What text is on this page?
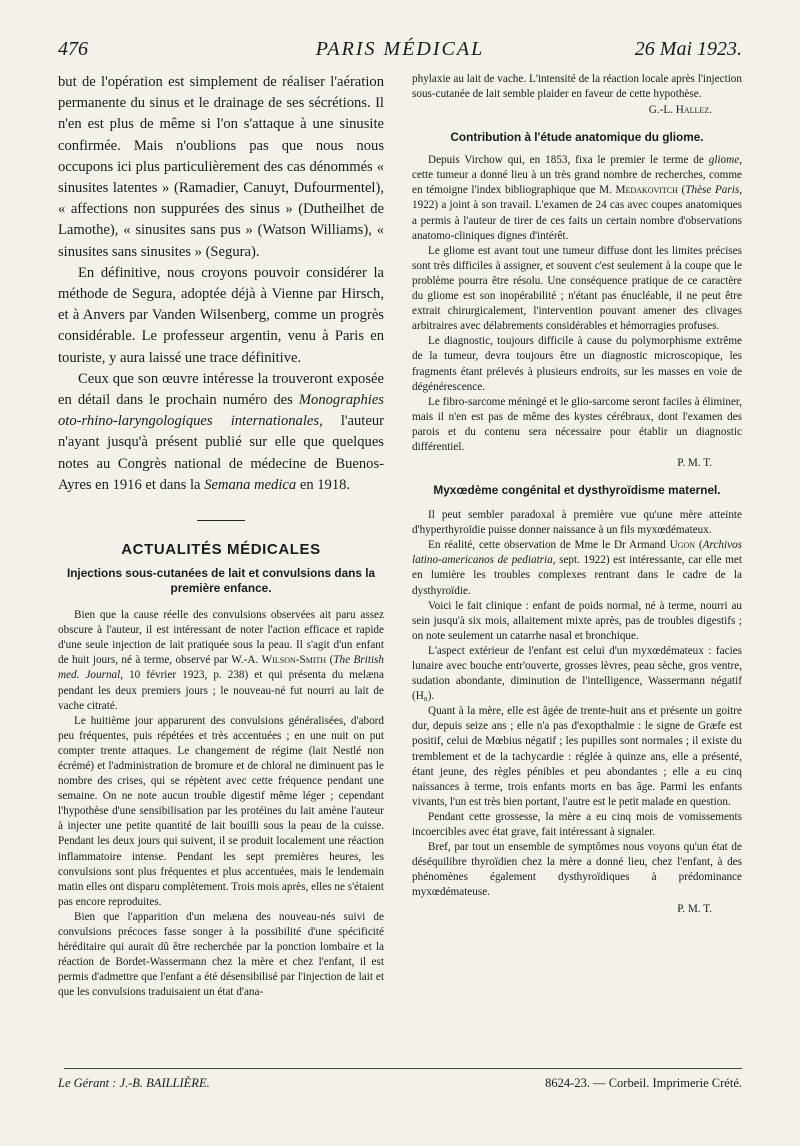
476	PARIS MÉDICAL	26 Mai 1923.

but de l'opération est simplement de réaliser l'aération permanente du sinus et le drainage de ses sécrétions. Il n'en est plus de même si l'on s'attaque à une sinusite confirmée. Mais n'oublions pas que nous nous occupons ici plus particulièrement des cas dénommés « sinusites latentes » (Ramadier, Canuyt, Dufourmentel), « affections non suppurées des sinus » (Dutheilhet de Lamothe), « sinusites sans pus » (Watson Williams), « sinusites sans sinusites » (Segura).

En définitive, nous croyons pouvoir considérer la méthode de Segura, adoptée déjà à Vienne par Hirsch, et à Anvers par Vanden Wilsenberg, comme un progrès considérable. Le professeur argentin, venu à Paris en touriste, y aura laissé une trace définitive.

Ceux que son œuvre intéresse la trouveront exposée en détail dans le prochain numéro des Monographies oto-rhino-laryngologiques internationales, l'auteur n'ayant jusqu'à présent publié sur elle que quelques notes au Congrès national de médecine de Buenos-Ayres en 1916 et dans la Semana medica en 1918.

ACTUALITÉS MÉDICALES
Injections sous-cutanées de lait et convulsions dans la première enfance.

Bien que la cause réelle des convulsions observées ait paru assez obscure à l'auteur, il est intéressant de noter l'action efficace et rapide d'une seule injection de lait pratiquée sous la peau. Il s'agit d'un enfant de huit jours, né à terme, observé par W.-A. Wilson-Smith (The British med. Journal, 10 février 1923, p. 238) et qui présenta du melæna pendant les deux premiers jours ; le nouveau-né fut nourri au lait de vache citraté.

Le huitième jour apparurent des convulsions généralisées, d'abord peu fréquentes, puis répétées et très accentuées ; en une nuit on put compter trente attaques. Le changement de régime (lait Nestlé non écrémé) et l'administration de bromure et de chloral ne diminuent pas le nombre des crises, qui se répètent avec cette fréquence pendant une semaine. On ne note aucun trouble digestif même léger ; cependant l'hypothèse d'une sensibilisation par les protéines du lait amène l'auteur à injecter une petite quantité de lait bouilli sous la peau de la cuisse. Pendant les deux jours qui suivent, il se produit localement une réaction inflammatoire intense. Pendant les sept premières heures, les convulsions sont plus fréquentes et plus accentuées, mais le lendemain matin elles ont disparu complètement. Trois mois après, elles ne s'étaient pas encore reproduites.

Bien que l'apparition d'un melæna des nouveau-nés suivi de convulsions précoces fasse songer à la possibilité d'une spécificité héréditaire qui aurait dû être recherchée par la ponction lombaire et la réaction de Bordet-Wassermann chez la mère et chez l'enfant, il est permis d'admettre que l'enfant a été désensibilisé par l'injection de lait et que les convulsions traduisaient un état d'ana-

phylaxie au lait de vache. L'intensité de la réaction locale après l'injection sous-cutanée de lait semble plaider en faveur de cette hypothèse.

G.-L. Hallez.
Contribution à l'étude anatomique du gliome.

Depuis Virchow qui, en 1853, fixa le premier le terme de gliome, cette tumeur a donné lieu à un très grand nombre de recherches, comme en témoigne l'index bibliographique que M. Medakovitch (Thèse Paris, 1922) a joint à son travail. L'examen de 24 cas avec coupes anatomiques a permis à l'auteur de tirer de ces faits un certain nombre d'observations anatomo-cliniques dignes d'intérêt.

Le gliome est avant tout une tumeur diffuse dont les limites précises sont très difficiles à assigner, et souvent c'est seulement à la coupe que le problème pourra être résolu. Une conséquence pratique de ce caractère du gliome est son inopérabilité ; n'étant pas énucléable, il ne peut être extrait chirurgicalement, l'intervention pouvant amener des clivages arbitraires avec délabrements considérables et hémorragies profuses.

Le diagnostic, toujours difficile à cause du polymorphisme extrême de la tumeur, devra toujours être un diagnostic microscopique, les fragments étant prélevés à plusieurs endroits, sur les masses en voie de dégénérescence.

Le fibro-sarcome méningé et le glio-sarcome seront faciles à éliminer, mais il n'en est pas de même des kystes cérébraux, dont l'examen des parois et du contenu sera nécessaire pour établir un diagnostic différentiel.

P. M. T.
Myxœdème congénital et dysthyroïdisme maternel.

Il peut sembler paradoxal à première vue qu'une mère atteinte d'hyperthyroïdie puisse donner naissance à un fils myxœdémateux.

En réalité, cette observation de Mme le Dr Armand Ugon (Archivos latino-americanos de pediatria, sept. 1922) est intéressante, car elle met en lumière les troubles complexes rentrant dans le cadre de la dysthyroïdie.

Voici le fait clinique : enfant de poids normal, né à terme, nourri au sein jusqu'à six mois, allaitement mixte après, pas de troubles digestifs ; on note seulement un catarrhe nasal et bronchique.

L'aspect extérieur de l'enfant est celui d'un myxœdémateux : facies lunaire avec bouche entr'ouverte, grosses lèvres, peau sèche, gros ventre, sudation abondante, diminution de l'intelligence, Wassermann négatif (H₈).

Quant à la mère, elle est âgée de trente-huit ans et présente un goitre dur, depuis seize ans ; elle n'a pas d'exopthalmie : le signe de Græfe est positif, celui de Mœbius négatif ; les pupilles sont normales ; il existe du tremblement et de la tachycardie : réglée à quinze ans, elle a présenté, étant jeune, des règles pénibles et peu abondantes ; elle a eu cinq naissances à terme, trois enfants morts en bas âge. Parmi les enfants vivants, l'un est très bien portant, l'autre est le petit malade en question.

Pendant cette grossesse, la mère a eu cinq mois de vomissements incoercibles avec état grave, fait intéressant à signaler.

Bref, par tout un ensemble de symptômes nous voyons qu'un état de déséquilibre thyroïdien chez la mère a donné lieu, chez l'enfant, à des phénomènes également dysthyroïdiques à prédominance myxœdémateuse.

P. M. T.
Le Gérant : J.-B. BAILLIÈRE.	8624-23. — Corbeil. Imprimerie Crété.
